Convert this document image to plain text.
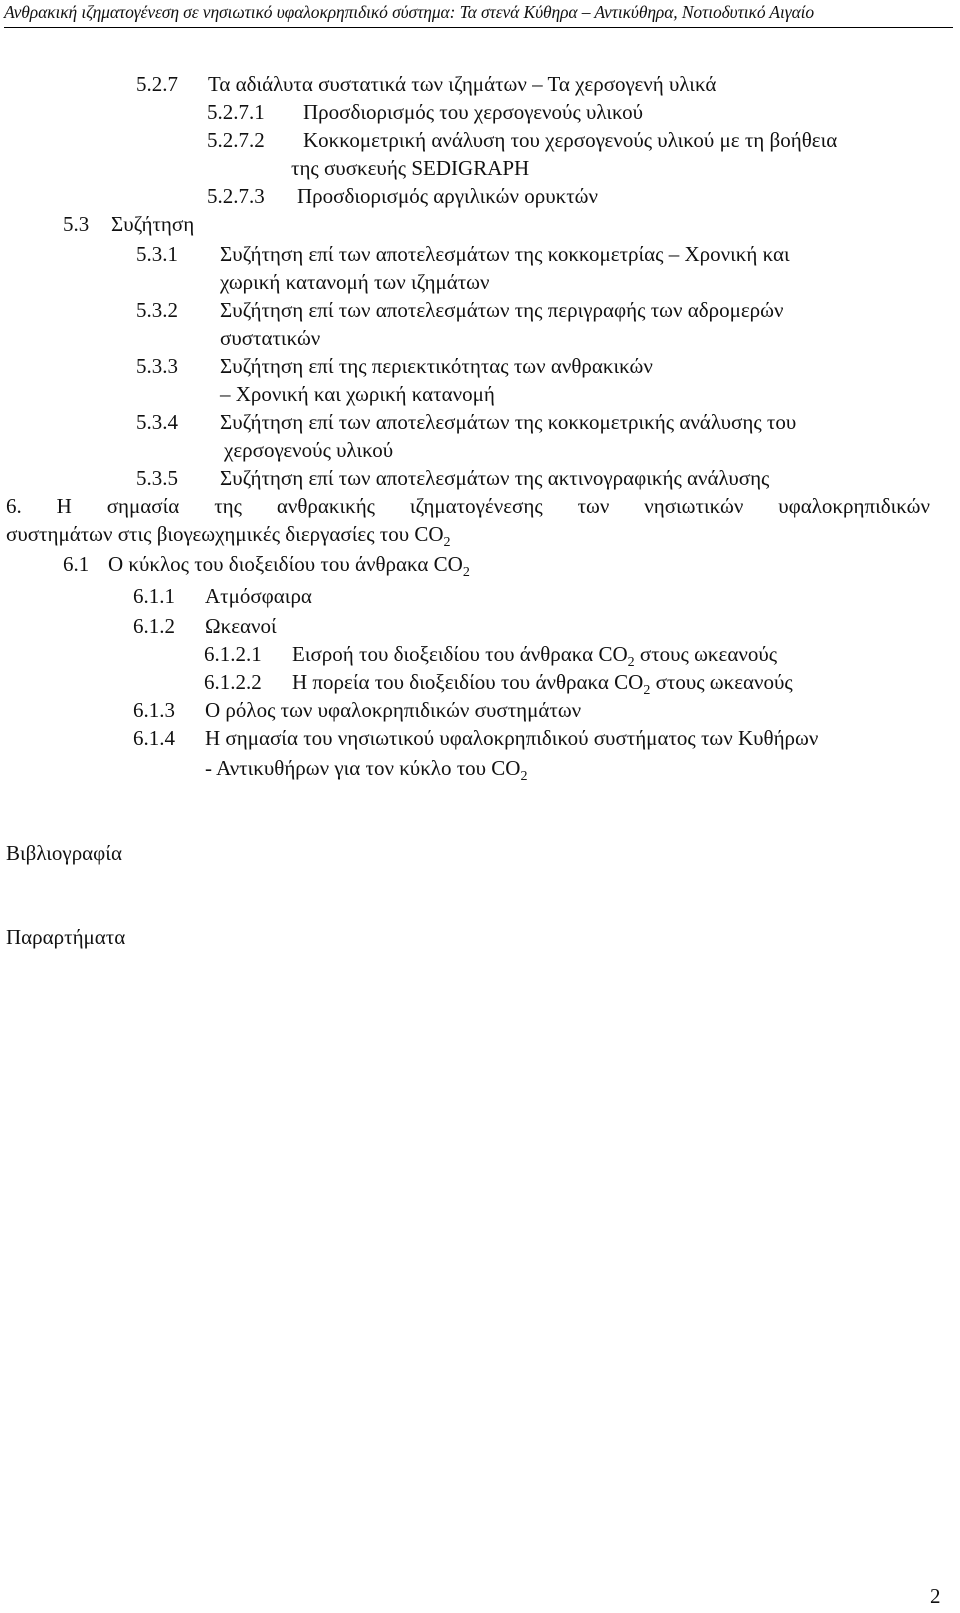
Ανθρακική ιζηματογένεση σε νησιωτικό υφαλοκρηπιδικό σύστημα: Τα στενά Κύθηρα – Αντικύθηρα, Νοτιοδυτικό Αιγαίο
5.2.7 Τα αδιάλυτα συστατικά των ιζημάτων – Τα χερσογενή υλικά
5.2.7.1 Προσδιορισμός του χερσογενούς υλικού
5.2.7.2 Κοκκομετρική ανάλυση του χερσογενούς υλικού με τη βοήθεια
της συσκευής SEDIGRAPH
5.2.7.3 Προσδιορισμός αργιλικών ορυκτών
5.3 Συζήτηση
5.3.1 Συζήτηση επί των αποτελεσμάτων της κοκκομετρίας – Χρονική και
χωρική κατανομή των ιζημάτων
5.3.2 Συζήτηση επί των αποτελεσμάτων της περιγραφής των αδρομερών
συστατικών
5.3.3 Συζήτηση επί της περιεκτικότητας των ανθρακικών
– Χρονική και χωρική κατανομή
5.3.4 Συζήτηση επί των αποτελεσμάτων της κοκκομετρικής ανάλυσης του
χερσογενούς υλικού
5.3.5 Συζήτηση επί των αποτελεσμάτων της ακτινογραφικής ανάλυσης
6. Η σημασία της ανθρακικής ιζηματογένεσης των νησιωτικών υφαλοκρηπιδικών
συστημάτων στις βιογεωχημικές διεργασίες του $CO_2$
6.1 Ο κύκλος του διοξειδίου του άνθρακα $CO_2$
6.1.1 Ατμόσφαιρα
6.1.2 Ωκεανοί
6.1.2.1 Εισροή του διοξειδίου του άνθρακα $CO_2$ στους ωκεανούς
6.1.2.2 Η πορεία του διοξειδίου του άνθρακα $CO_2$ στους ωκεανούς
6.1.3 Ο ρόλος των υφαλοκρηπιδικών συστημάτων
6.1.4 Η σημασία του νησιωτικού υφαλοκρηπιδικού συστήματος των Κυθήρων
- Αντικυθήρων για τον κύκλο του $CO_2$
Βιβλιογραφία
Παραρτήματα
2
